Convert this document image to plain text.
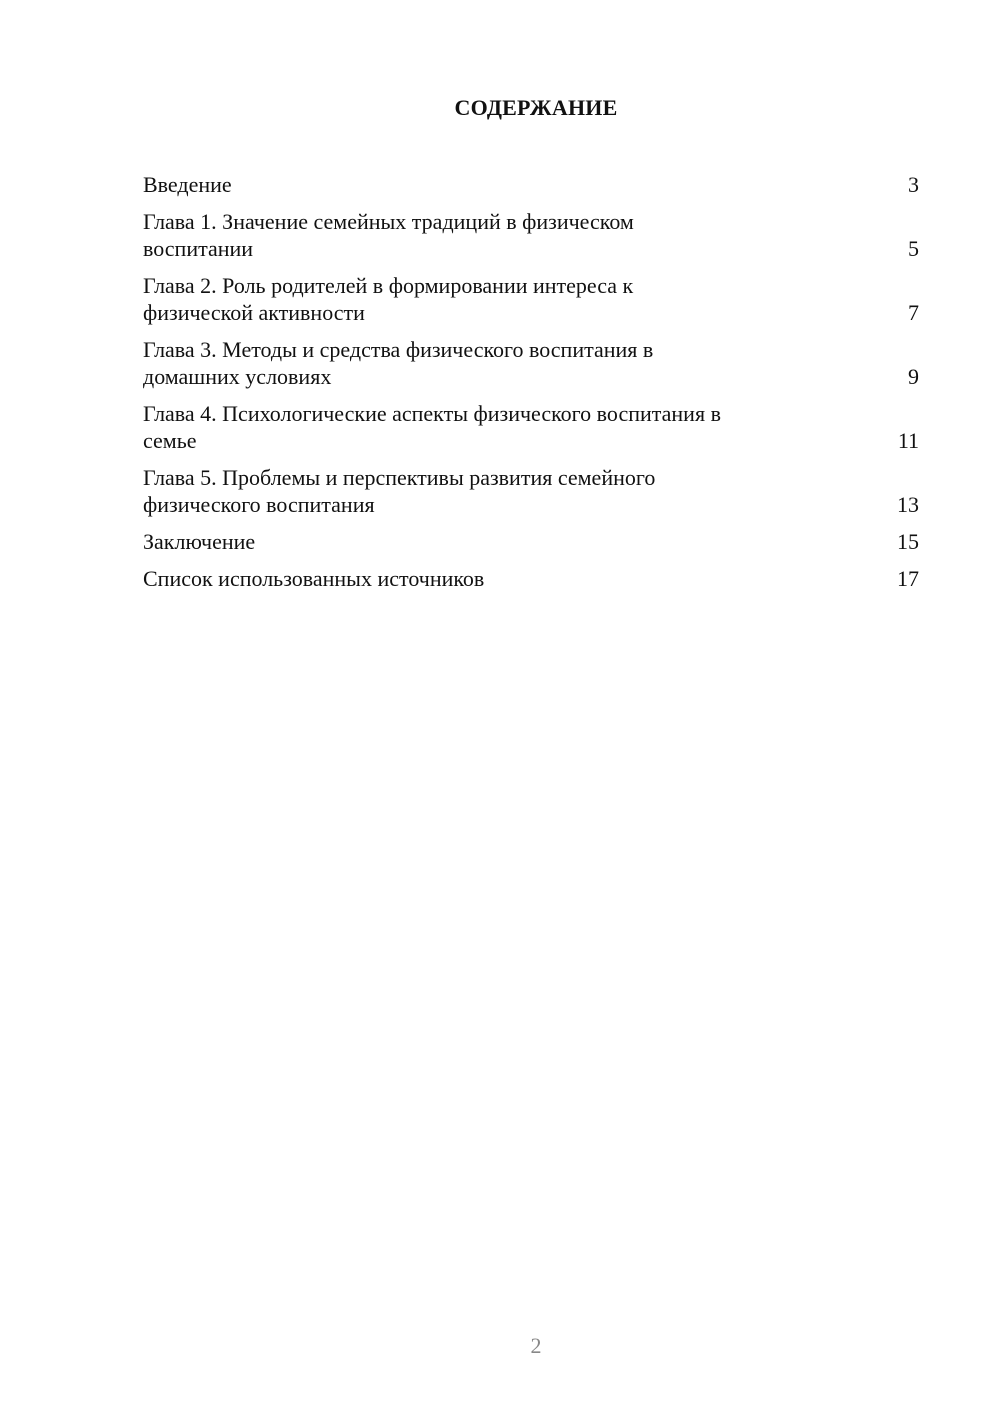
СОДЕРЖАНИЕ
Введение	3
Глава 1. Значение семейных традиций в физическом
воспитании	5
Глава 2. Роль родителей в формировании интереса к
физической активности	7
Глава 3. Методы и средства физического воспитания в
домашних условиях	9
Глава 4. Психологические аспекты физического воспитания в
семье	11
Глава 5. Проблемы и перспективы развития семейного
физического воспитания	13
Заключение	15
Список использованных источников	17
2
